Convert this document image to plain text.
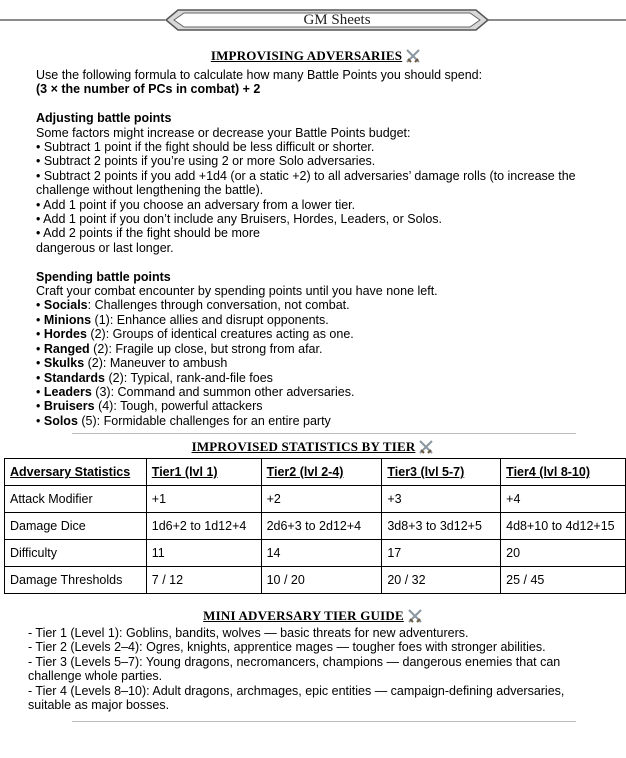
GM Sheets
IMPROVISING ADVERSARIES

Use the following formula to calculate how many Battle Points you should spend:

(3 × the number of PCs in combat) + 2

Adjusting battle points

Some factors might increase or decrease your Battle Points budget:

• Subtract 1 point if the fight should be less difficult or shorter.

• Subtract 2 points if you’re using 2 or more Solo adversaries.

• Subtract 2 points if you add +1d4 (or a static +2) to all adversaries’ damage rolls (to increase the

challenge without lengthening the battle).

• Add 1 point if you choose an adversary from a lower tier.

• Add 1 point if you don’t include any Bruisers, Hordes, Leaders, or Solos.

• Add 2 points if the fight should be more

dangerous or last longer.

Spending battle points

Craft your combat encounter by spending points until you have none left.

• Socials: Challenges through conversation, not combat.

• Minions (1): Enhance allies and disrupt opponents.

• Hordes (2): Groups of identical creatures acting as one.

• Ranged (2): Fragile up close, but strong from afar.

• Skulks (2): Maneuver to ambush

• Standards (2): Typical, rank-and-file foes

• Leaders (3): Command and summon other adversaries.

• Bruisers (4): Tough, powerful attackers

• Solos (5): Formidable challenges for an entire party

IMPROVISED STATISTICS BY TIER
Adversary Statistics	Tier1 (lvl 1)	Tier2 (lvl 2-4)	Tier3 (lvl 5-7)	Tier4 (lvl 8-10)
Attack Modifier	+1	+2	+3	+4
Damage Dice	1d6+2 to 1d12+4	2d6+3 to 2d12+4	3d8+3 to 3d12+5	4d8+10 to 4d12+15
Difficulty	11	14	17	20
Damage Thresholds	7 / 12	10 / 20	20 / 32	25 / 45
MINI ADVERSARY TIER GUIDE

- Tier 1 (Level 1): Goblins, bandits, wolves — basic threats for new adventurers.

- Tier 2 (Levels 2–4): Ogres, knights, apprentice mages — tougher foes with stronger abilities.

- Tier 3 (Levels 5–7): Young dragons, necromancers, champions — dangerous enemies that can

challenge whole parties.

- Tier 4 (Levels 8–10): Adult dragons, archmages, epic entities — campaign-defining adversaries,

suitable as major bosses.
